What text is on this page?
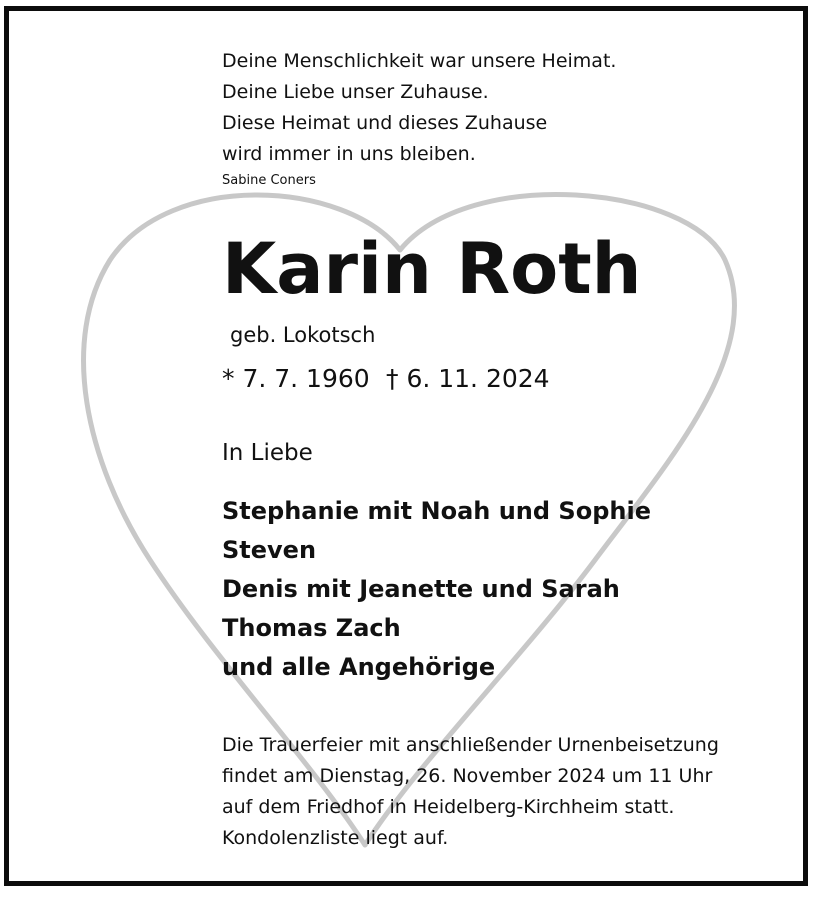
Deine Menschlichkeit war unsere Heimat.
Deine Liebe unser Zuhause.
Diese Heimat und dieses Zuhause
wird immer in uns bleiben.
Sabine Coners
Karin Roth
geb. Lokotsch
* 7. 7. 1960 † 6. 11. 2024
In Liebe
Stephanie mit Noah und Sophie
Steven
Denis mit Jeanette und Sarah
Thomas Zach
und alle Angehörige
Die Trauerfeier mit anschließender Urnenbeisetzung
findet am Dienstag, 26. November 2024 um 11 Uhr
auf dem Friedhof in Heidelberg-Kirchheim statt.
Kondolenzliste liegt auf.
